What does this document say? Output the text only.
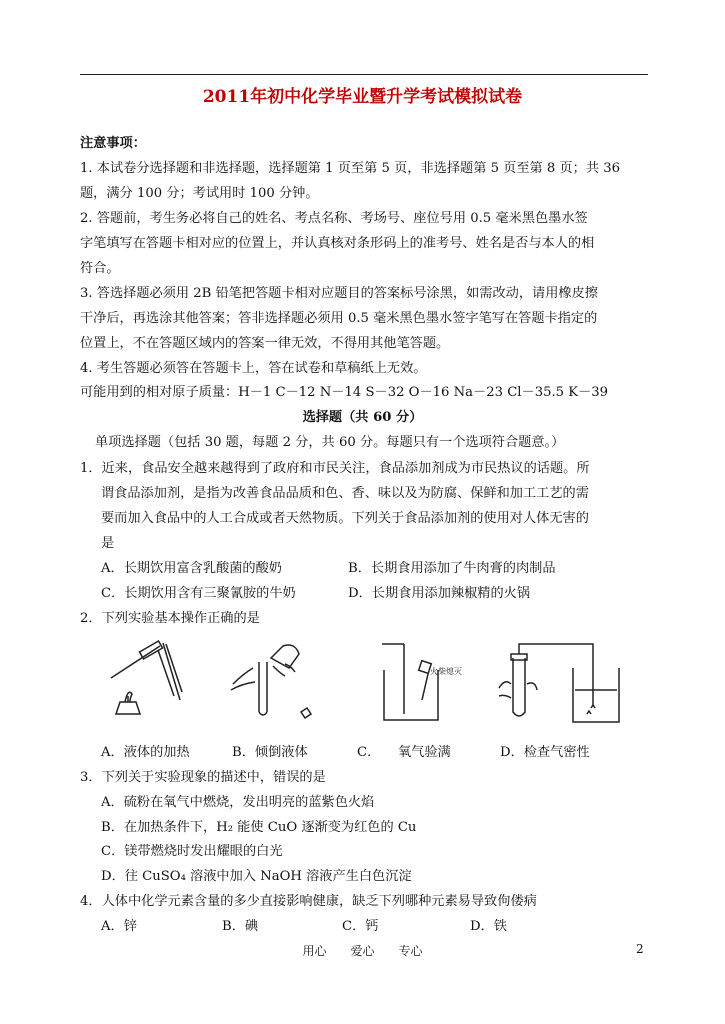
2011年初中化学毕业暨升学考试模拟试卷
注意事项：
1. 本试卷分选择题和非选择题，选择题第 1 页至第 5 页，非选择题第 5 页至第 8 页；共 36
题，满分 100 分；考试用时 100 分钟。
2. 答题前，考生务必将自己的姓名、考点名称、考场号、座位号用 0.5 毫米黑色墨水签
字笔填写在答题卡相对应的位置上，并认真核对条形码上的准考号、姓名是否与本人的相
符合。
3. 答选择题必须用 2B 铅笔把答题卡相对应题目的答案标号涂黑，如需改动，请用橡皮擦
干净后，再选涂其他答案；答非选择题必须用 0.5 毫米黑色墨水签字笔写在答题卡指定的
位置上，不在答题区域内的答案一律无效，不得用其他笔答题。
4. 考生答题必须答在答题卡上，答在试卷和草稿纸上无效。
可能用到的相对原子质量：H－1 C－12 N－14 S－32 O－16 Na－23 Cl－35.5 K－39
选择题（共 60 分）
单项选择题（包括 30 题，每题 2 分，共 60 分。每题只有一个选项符合题意。）
1．近来，食品安全越来越得到了政府和市民关注，食品添加剂成为市民热议的话题。所
谓食品添加剂，是指为改善食品品质和色、香、味以及为防腐、保鲜和加工工艺的需
要而加入食品中的人工合成或者天然物质。下列关于食品添加剂的使用对人体无害的
是
A．长期饮用富含乳酸菌的酸奶	B．长期食用添加了牛肉膏的肉制品
C．长期饮用含有三聚氰胺的牛奶	D．长期食用添加辣椒精的火锅
2．下列实验基本操作正确的是
火柴熄灭
A．液体的加热	B．倾倒液体	C． 氧气验满	D．检查气密性
3．下列关于实验现象的描述中，错误的是
A．硫粉在氧气中燃烧，发出明亮的蓝紫色火焰
B．在加热条件下，H₂ 能使 CuO 逐渐变为红色的 Cu
C．镁带燃烧时发出耀眼的白光
D．往 CuSO₄ 溶液中加入 NaOH 溶液产生白色沉淀
4．人体中化学元素含量的多少直接影响健康，缺乏下列哪种元素易导致佝偻病
A．锌	B．碘	C．钙	D．铁
用心　　爱心　　专心	2
